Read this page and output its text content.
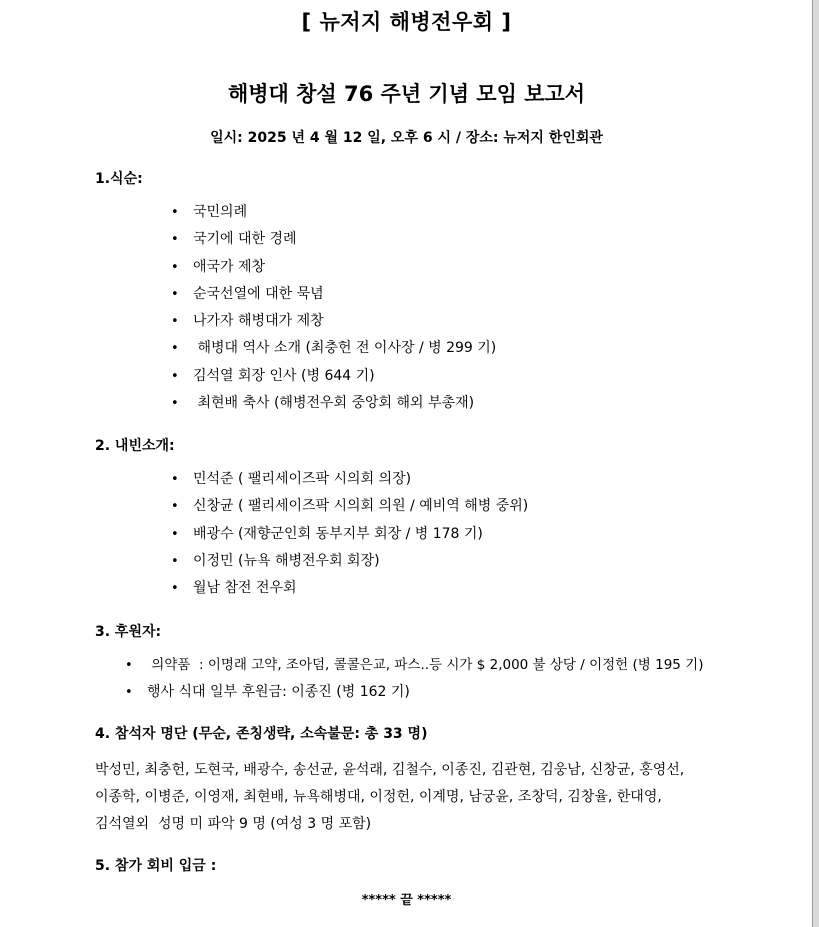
[ 뉴저지 해병전우회 ]
해병대 창설 76 주년 기념 모임 보고서
일시: 2025 년 4 월 12 일, 오후 6 시 / 장소: 뉴저지 한인회관
1.식순:
• 국민의례
• 국기에 대한 경례
• 애국가 제창
• 순국선열에 대한 묵념
• 나가자 해병대가 제창
• 해병대 역사 소개 (최충헌 전 이사장 / 병 299 기)
• 김석열 회장 인사 (병 644 기)
• 최현배 축사 (해병전우회 중앙회 해외 부총재)
2. 내빈소개:
• 민석준 ( 팰리세이즈팍 시의회 의장)
• 신창균 ( 팰리세이즈팍 시의회 의원 / 예비역 해병 중위)
• 배광수 (재향군인회 동부지부 회장 / 병 178 기)
• 이정민 (뉴욕 해병전우회 회장)
• 월남 참전 전우회
3. 후원자:
• 의약품  : 이명래 고약, 조아덤, 콜콜은교, 파스..등 시가 $ 2,000 불 상당 / 이정헌 (병 195 기)
• 행사 식대 일부 후원금: 이종진 (병 162 기)
4. 참석자 명단 (무순, 존칭생략, 소속불문: 총 33 명)
박성민, 최충헌, 도현국, 배광수, 송선균, 윤석래, 김철수, 이종진, 김관현, 김웅남, 신창균, 홍영선,
이종학, 이병준, 이영재, 최현배, 뉴욕해병대, 이정헌, 이계명, 남궁윤, 조창덕, 김창율, 한대영,
김석열외  성명 미 파악 9 명 (여성 3 명 포함)
5. 참가 회비 입금 :
***** 끝 *****
